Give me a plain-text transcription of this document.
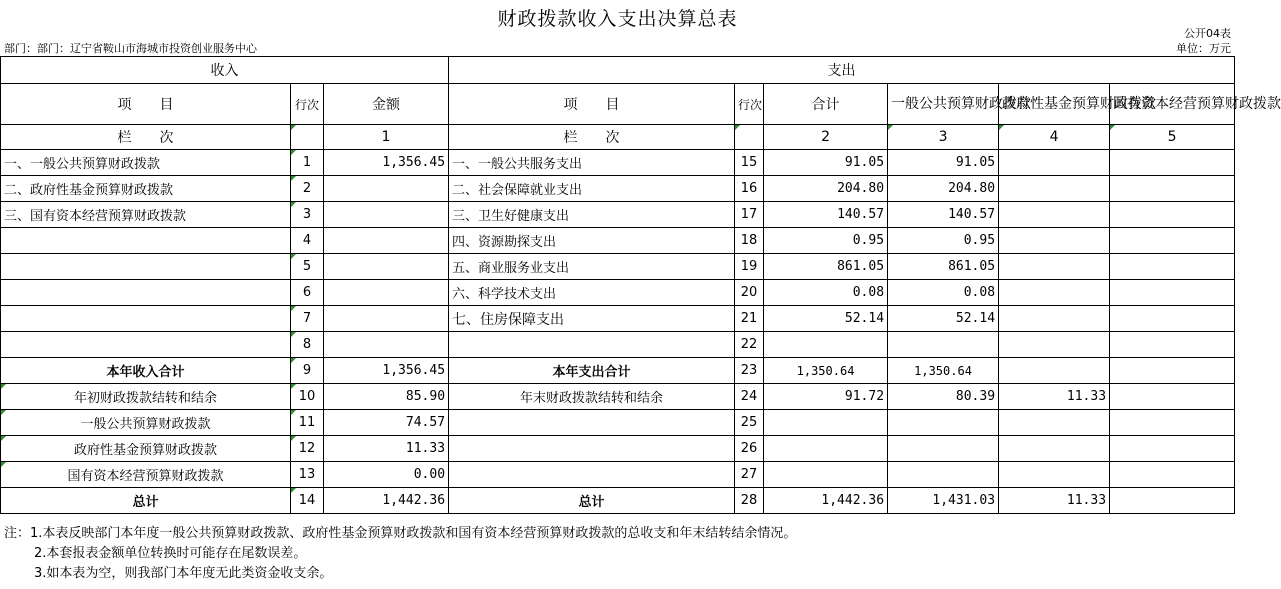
财政拨款收入支出决算总表
部门：部门：辽宁省鞍山市海城市投资创业服务中心
公开04表
单位：万元
收入			支出					
项　　目	行次	金额	项　　目	行次	合计	一般公共预算财政拨款	政府性基金预算财政拨款	国有资本经营预算财政拨款
栏　　次		1	栏　　次		2	3	4	5
一、一般公共预算财政拨款	1	1,356.45	一、一般公共服务支出	15	91.05	91.05		
二、政府性基金预算财政拨款	2		二、社会保障就业支出	16	204.80	204.80		
三、国有资本经营预算财政拨款	3		三、卫生好健康支出	17	140.57	140.57		
	4		四、资源勘探支出	18	0.95	0.95		
	5		五、商业服务业支出	19	861.05	861.05		
	6		六、科学技术支出	20	0.08	0.08		
	7		七、住房保障支出	21	52.14	52.14		
	8			22				
本年收入合计	9	1,356.45	本年支出合计	23	1,350.64	1,350.64		
年初财政拨款结转和结余	10	85.90	年末财政拨款结转和结余	24	91.72	80.39	11.33	
一般公共预算财政拨款	11	74.57		25				
政府性基金预算财政拨款	12	11.33		26				
国有资本经营预算财政拨款	13	0.00		27				
总计	14	1,442.36	总计	28	1,442.36	1,431.03	11.33	
注：1.本表反映部门本年度一般公共预算财政拨款、政府性基金预算财政拨款和国有资本经营预算财政拨款的总收支和年末结转结余情况。
2.本套报表金额单位转换时可能存在尾数误差。
3.如本表为空，则我部门本年度无此类资金收支余。
